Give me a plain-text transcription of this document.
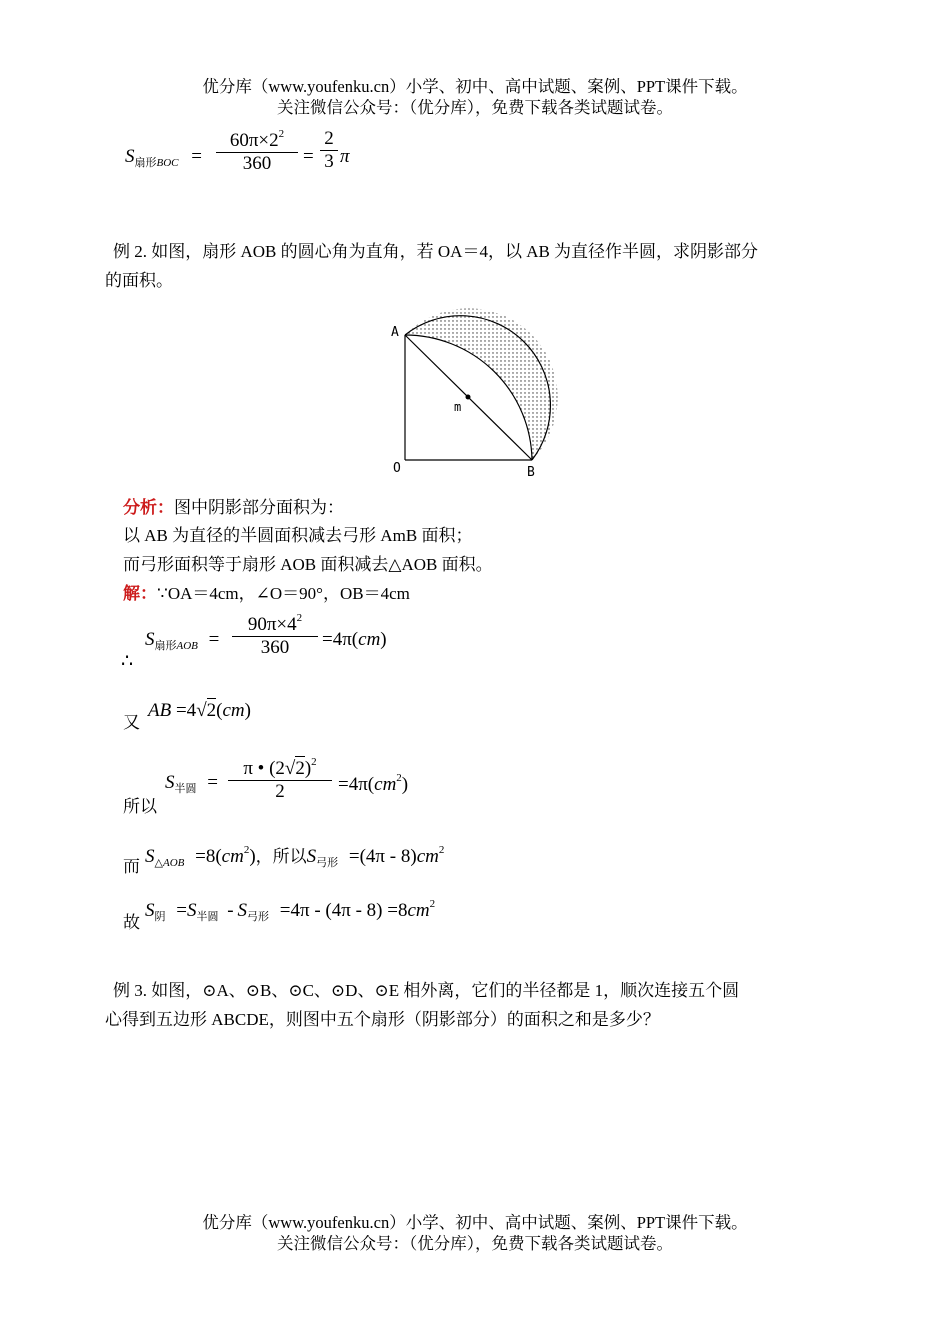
优分库（www.youfenku.cn）小学、初中、高中试题、案例、PPT课件下载。
关注微信公众号：（优分库），免费下载各类试题试卷。
$S_{扇形BOC}$ =
$60\pi\times 2^2$
360	=
2
3 π
例 2. 如图，扇形 AOB 的圆心角为直角，若 OA＝4，以 AB 为直径作半圆，求阴影部分
的面积。
A
O	B
m
分析：图中阴影部分面积为：
以 AB 为直径的半圆面积减去弓形 AmB 面积；
而弓形面积等于扇形 AOB 面积减去△AOB 面积。
解：∵OA＝4cm，∠O＝90°，OB＝4cm
∴
$S_{扇形AOB}$ =
$90\pi\times 4^2$
360	=4π(cm)
又
AB =4√2(cm)
所以
$S_{半圆}$ =
π • $(2√2)^2$
2	$=4\pi(cm^2)$
而 $S_{\triangle AOB} =8(cm^2)$，所以$S_{弓形} =(4\pi - 8)cm^2$
故
$S_阴 =S_{半圆} - S_{弓形} =4\pi - (4\pi - 8) =8cm^2$
例 3. 如图，⊙A、⊙B、⊙C、⊙D、⊙E 相外离，它们的半径都是 1，顺次连接五个圆
心得到五边形 ABCDE，则图中五个扇形（阴影部分）的面积之和是多少？
优分库（www.youfenku.cn）小学、初中、高中试题、案例、PPT课件下载。
关注微信公众号：（优分库），免费下载各类试题试卷。
